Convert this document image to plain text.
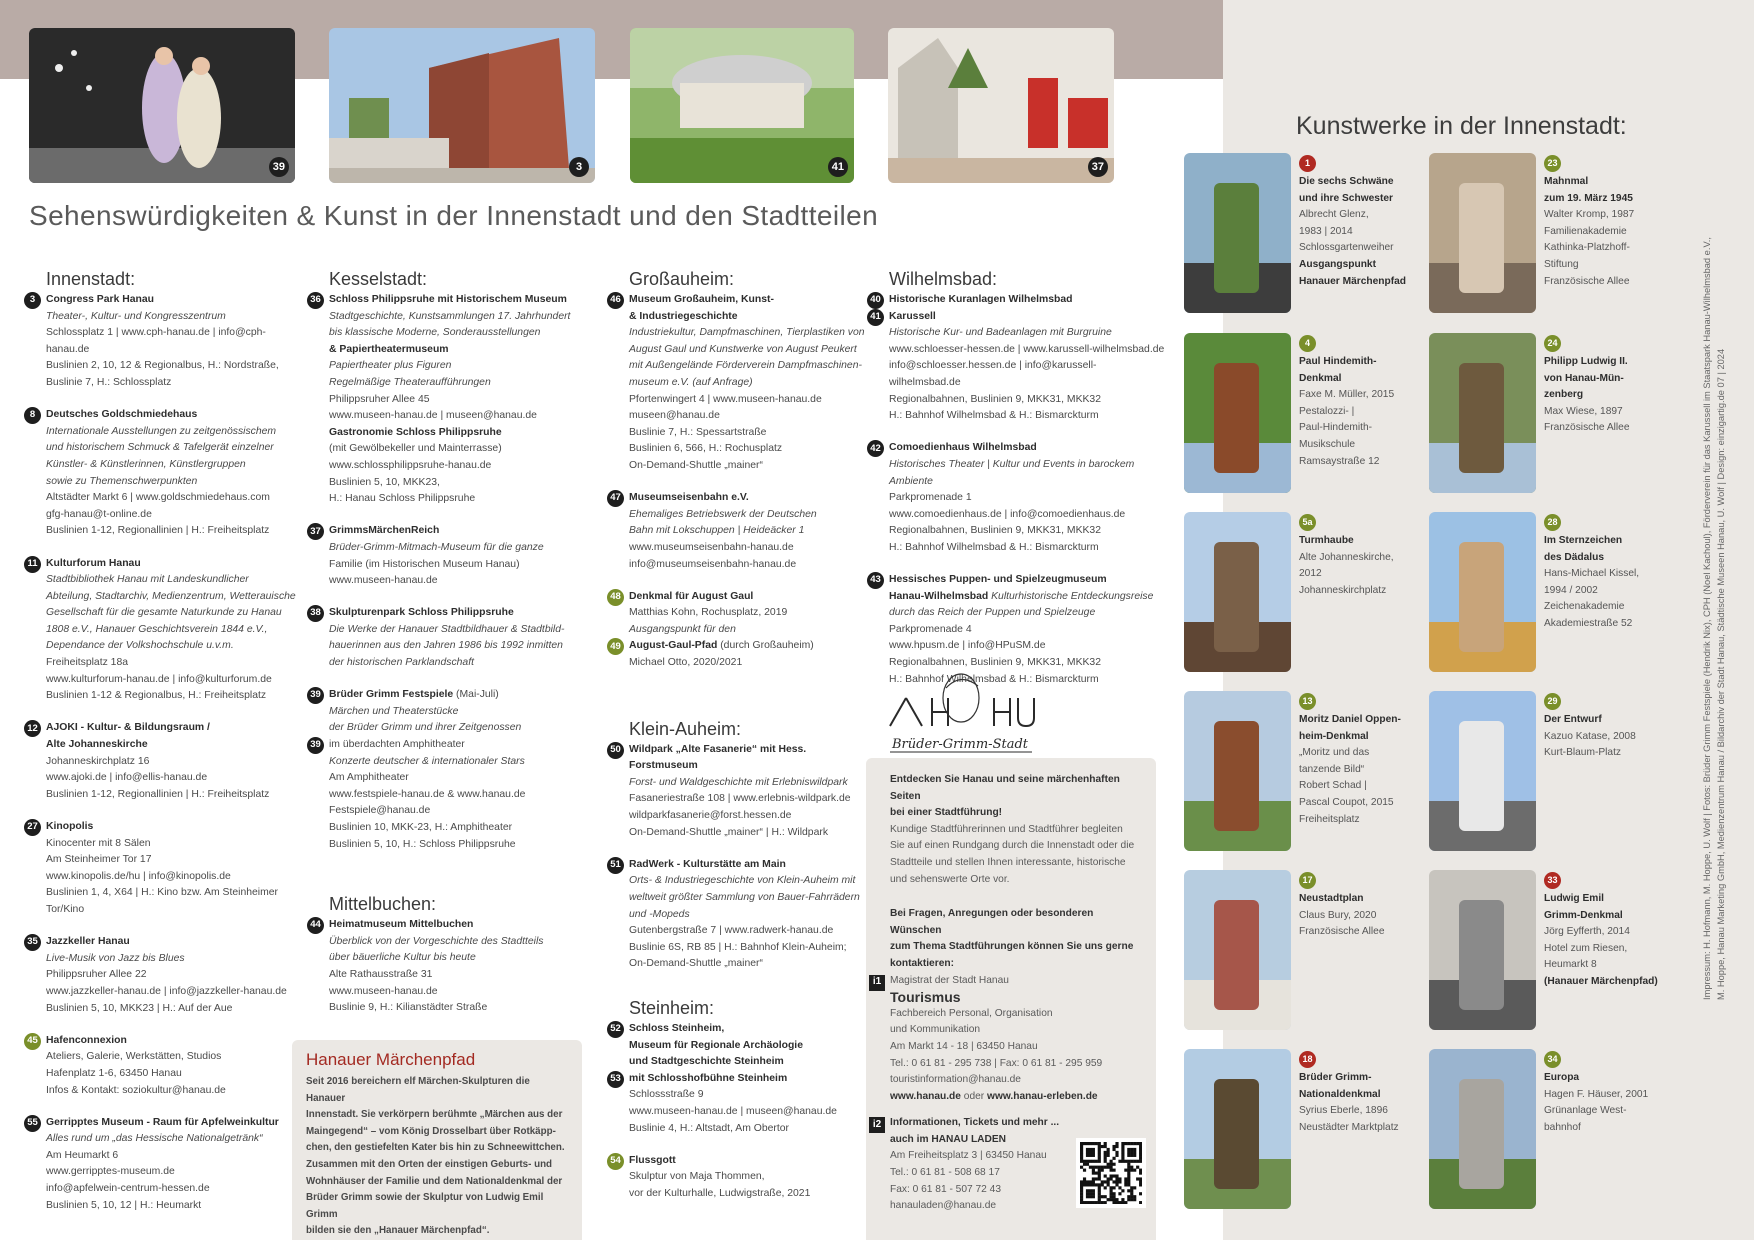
39	3	41	37
Sehenswürdigkeiten & Kunst in der Innenstadt und den Stadtteilen
Innenstadt:
3	Congress Park Hanau
Theater-, Kultur- und Kongresszentrum
Schlossplatz 1 | www.cph-hanau.de | info@cph-hanau.de
Buslinien 2, 10, 12 & Regionalbus, H.: Nordstraße,
Buslinie 7, H.: Schlossplatz
8	Deutsches Goldschmiedehaus
Internationale Ausstellungen zu zeitgenössischem
und historischem Schmuck & Tafelgerät einzelner
Künstler- & Künstlerinnen, Künstlergruppen
sowie zu Themenschwerpunkten
Altstädter Markt 6 | www.goldschmiedehaus.com
gfg-hanau@t-online.de
Buslinien 1-12, Regionallinien | H.: Freiheitsplatz
11 Kulturforum Hanau
Stadtbibliothek Hanau mit Landeskundlicher
Abteilung, Stadtarchiv, Medienzentrum, Wetterauische
Gesellschaft für die gesamte Naturkunde zu Hanau
1808 e.V., Hanauer Geschichtsverein 1844 e.V.,
Dependance der Volkshochschule u.v.m.
Freiheitsplatz 18a
www.kulturforum-hanau.de | info@kulturforum.de
Buslinien 1-12 & Regionalbus, H.: Freiheitsplatz
12 AJOKI - Kultur- & Bildungsraum /
Alte Johanneskirche
Johanneskirchplatz 16
www.ajoki.de | info@ellis-hanau.de
Buslinien 1-12, Regionallinien | H.: Freiheitsplatz
27 Kinopolis
Kinocenter mit 8 Sälen
Am Steinheimer Tor 17
www.kinopolis.de/hu | info@kinopolis.de
Buslinien 1, 4, X64 | H.: Kino bzw. Am Steinheimer Tor/Kino
35 Jazzkeller Hanau
Live-Musik von Jazz bis Blues
Philippsruher Allee 22
www.jazzkeller-hanau.de | info@jazzkeller-hanau.de
Buslinien 5, 10, MKK23 | H.: Auf der Aue
45 Hafenconnexion
Ateliers, Galerie, Werkstätten, Studios
Hafenplatz 1-6, 63450 Hanau
Infos & Kontakt: soziokultur@hanau.de
55 Gerripptes Museum - Raum für Apfelweinkultur
Alles rund um „das Hessische Nationalgetränk“
Am Heumarkt 6
www.gerripptes-museum.de
info@apfelwein-centrum-hessen.de
Buslinien 5, 10, 12 | H.: Heumarkt
Kesselstadt:
36 Schloss Philippsruhe mit Historischem Museum
Stadtgeschichte, Kunstsammlungen 17. Jahrhundert
bis klassische Moderne, Sonderausstellungen
& Papiertheatermuseum
Papiertheater plus Figuren
Regelmäßige Theateraufführungen
Philippsruher Allee 45
www.museen-hanau.de | museen@hanau.de
Gastronomie Schloss Philippsruhe
(mit Gewölbekeller und Mainterrasse)
www.schlossphilippsruhe-hanau.de
Buslinien 5, 10, MKK23,
H.: Hanau Schloss Philippsruhe
37 GrimmsMärchenReich
Brüder-Grimm-Mitmach-Museum für die ganze
Familie (im Historischen Museum Hanau)
www.museen-hanau.de
38 Skulpturenpark Schloss Philippsruhe
Die Werke der Hanauer Stadtbildhauer & Stadtbild-
hauerinnen aus den Jahren 1986 bis 1992 inmitten
der historischen Parklandschaft
39 Brüder Grimm Festspiele (Mai-Juli)
Märchen und Theaterstücke
der Brüder Grimm und ihrer Zeitgenossen
39 im überdachten Amphitheater
Konzerte deutscher & internationaler Stars
Am Amphitheater
www.festspiele-hanau.de & www.hanau.de
Festspiele@hanau.de
Buslinien 10, MKK-23, H.: Amphitheater
Buslinien 5, 10, H.: Schloss Philippsruhe
Mittelbuchen:
44 Heimatmuseum Mittelbuchen
Überblick von der Vorgeschichte des Stadtteils
über bäuerliche Kultur bis heute
Alte Rathausstraße 31
www.museen-hanau.de
Buslinie 9, H.: Kilianstädter Straße
Großauheim:
46 Museum Großauheim, Kunst-
& Industriegeschichte
Industriekultur, Dampfmaschinen, Tierplastiken von
August Gaul und Kunstwerke von August Peukert
mit Außengelände Förderverein Dampfmaschinen-
museum e.V. (auf Anfrage)
Pfortenwingert 4 | www.museen-hanau.de
museen@hanau.de
Buslinie 7, H.: Spessartstraße
Buslinien 6, 566, H.: Rochusplatz
On-Demand-Shuttle „mainer“
47 Museumseisenbahn e.V.
Ehemaliges Betriebswerk der Deutschen
Bahn mit Lokschuppen | Heideäcker 1
www.museumseisenbahn-hanau.de
info@museumseisenbahn-hanau.de
48 Denkmal für August Gaul
Matthias Kohn, Rochusplatz, 2019
Ausgangspunkt für den
49 August-Gaul-Pfad (durch Großauheim)
Michael Otto, 2020/2021
Klein-Auheim:
50 Wildpark „Alte Fasanerie“ mit Hess. Forstmuseum
Forst- und Waldgeschichte mit Erlebniswildpark
Fasaneriestraße 108 | www.erlebnis-wildpark.de
wildparkfasanerie@forst.hessen.de
On-Demand-Shuttle „mainer“ | H.: Wildpark
51 RadWerk - Kulturstätte am Main
Orts- & Industriegeschichte von Klein-Auheim mit
weltweit größter Sammlung von Bauer-Fahrrädern
und -Mopeds
Gutenbergstraße 7 | www.radwerk-hanau.de
Buslinie 6S, RB 85 | H.: Bahnhof Klein-Auheim;
On-Demand-Shuttle „mainer“
Steinheim:
52 Schloss Steinheim,
Museum für Regionale Archäologie
und Stadtgeschichte Steinheim
53 mit Schlosshofbühne Steinheim
Schlossstraße 9
www.museen-hanau.de | museen@hanau.de
Buslinie 4, H.: Altstadt, Am Obertor
54 Flussgott
Skulptur von Maja Thommen,
vor der Kulturhalle, Ludwigstraße, 2021
Wilhelmsbad:
40 Historische Kuranlagen Wilhelmsbad
41 Karussell
Historische Kur- und Badeanlagen mit Burgruine
www.schloesser-hessen.de | www.karussell-wilhelmsbad.de
info@schloesser.hessen.de | info@karussell-wilhelmsbad.de
Regionalbahnen, Buslinien 9, MKK31, MKK32
H.: Bahnhof Wilhelmsbad & H.: Bismarckturm
42 Comoedienhaus Wilhelmsbad
Historisches Theater | Kultur und Events in barockem Ambiente
Parkpromenade 1
www.comoedienhaus.de | info@comoedienhaus.de
Regionalbahnen, Buslinien 9, MKK31, MKK32
H.: Bahnhof Wilhelmsbad & H.: Bismarckturm
43 Hessisches Puppen- und Spielzeugmuseum
Hanau-Wilhelmsbad Kulturhistorische Entdeckungsreise
durch das Reich der Puppen und Spielzeuge
Parkpromenade 4
www.hpusm.de | info@HPuSM.de
Regionalbahnen, Buslinien 9, MKK31, MKK32
H.: Bahnhof Wilhelmsbad & H.: Bismarckturm
Brüder-Grimm-Stadt
Hanauer Märchenpfad
Seit 2016 bereichern elf Märchen-Skulpturen die Hanauer
Innenstadt. Sie verkörpern berühmte „Märchen aus der
Maingegend“ – vom König Drosselbart über Rotkäpp-
chen, den gestiefelten Kater bis hin zu Schneewittchen.
Zusammen mit den Orten der einstigen Geburts- und
Wohnhäuser der Familie und dem Nationaldenkmal der
Brüder Grimm sowie der Skulptur von Ludwig Emil Grimm
bilden sie den „Hanauer Märchenpfad“.
Entdecken Sie Hanau und seine märchenhaften Seiten
bei einer Stadtführung!
Kundige Stadtführerinnen und Stadtführer begleiten
Sie auf einen Rundgang durch die Innenstadt oder die
Stadtteile und stellen Ihnen interessante, historische
und sehenswerte Orte vor.
Bei Fragen, Anregungen oder besonderen Wünschen
zum Thema Stadtführungen können Sie uns gerne
kontaktieren:
i1 Magistrat der Stadt Hanau
Tourismus
Fachbereich Personal, Organisation
und Kommunikation
Am Markt 14 - 18 | 63450 Hanau
Tel.: 0 61 81 - 295 738 | Fax: 0 61 81 - 295 959
touristinformation@hanau.de
www.hanau.de oder www.hanau-erleben.de
i2 Informationen, Tickets und mehr ...
auch im HANAU LADEN
Am Freiheitsplatz 3 | 63450 Hanau
Tel.: 0 61 81 - 508 68 17
Fax: 0 61 81 - 507 72 43
hanauladen@hanau.de
Kunstwerke in der Innenstadt:
1
Die sechs Schwäne
und ihre Schwester
Albrecht Glenz,
1983 | 2014
Schlossgartenweiher
Ausgangspunkt
Hanauer Märchenpfad
23
Mahnmal
zum 19. März 1945
Walter Kromp, 1987
Familienakademie
Kathinka-Platzhoff-
Stiftung
Französische Allee
4
Paul Hindemith-
Denkmal
Faxe M. Müller, 2015
Pestalozzi- |
Paul-Hindemith-
Musikschule
Ramsaystraße 12
24
Philipp Ludwig II.
von Hanau-Mün-
zenberg
Max Wiese, 1897
Französische Allee
5a
Turmhaube
Alte Johanneskirche,
2012
Johanneskirchplatz
28
Im Sternzeichen
des Dädalus
Hans-Michael Kissel,
1994 / 2002
Zeichenakademie
Akademiestraße 52
13
Moritz Daniel Oppen-
heim-Denkmal
„Moritz und das
tanzende Bild“
Robert Schad |
Pascal Coupot, 2015
Freiheitsplatz
29
Der Entwurf
Kazuo Katase, 2008
Kurt-Blaum-Platz
17
Neustadtplan
Claus Bury, 2020
Französische Allee
33
Ludwig Emil
Grimm-Denkmal
Jörg Eyfferth, 2014
Hotel zum Riesen,
Heumarkt 8
(Hanauer Märchenpfad)
18
Brüder Grimm-
Nationaldenkmal
Syrius Eberle, 1896
Neustädter Marktplatz
34
Europa
Hagen F. Häuser, 2001
Grünanlage West-
bahnhof
Impressum: H. Hofmann, M. Hoppe, U. Wolf | Fotos: Brüder Grimm Festspiele (Hendrik Nix), CPH (Noel Kachoul), Förderverein für das Karussell im Staatspark Hanau-Wilhelmsbad e.V., M. Hoppe, Hanau Marketing GmbH, Medienzentrum Hanau / Bildarchiv der Stadt Hanau, Städtische Museen Hanau, U. Wolf | Design: einzigartig.de 07 | 2024
